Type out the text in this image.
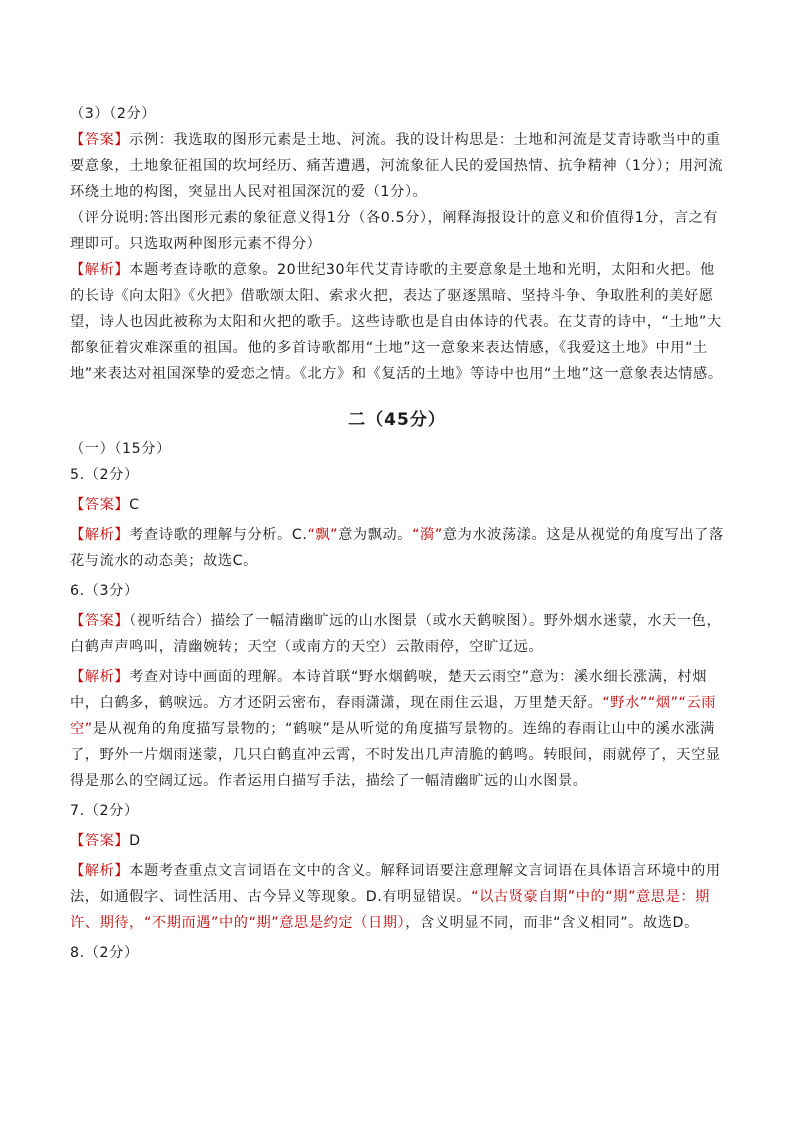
（3）（2分）

【答案】示例：我选取的图形元素是土地、河流。我的设计构思是：土地和河流是艾青诗歌当中的重要意象，土地象征祖国的坎坷经历、痛苦遭遇，河流象征人民的爱国热情、抗争精神（1分）；用河流环绕土地的构图，突显出人民对祖国深沉的爱（1分）。

（评分说明:答出图形元素的象征意义得1分（各0.5分），阐释海报设计的意义和价值得1分，言之有理即可。只选取两种图形元素不得分）

【解析】本题考查诗歌的意象。20世纪30年代艾青诗歌的主要意象是土地和光明，太阳和火把。他的长诗《向太阳》《火把》借歌颂太阳、索求火把，表达了驱逐黑暗、坚持斗争、争取胜利的美好愿望，诗人也因此被称为太阳和火把的歌手。这些诗歌也是自由体诗的代表。在艾青的诗中，“土地”大都象征着灾难深重的祖国。他的多首诗歌都用“土地”这一意象来表达情感，《我爱这土地》中用“土地”来表达对祖国深挚的爱恋之情。《北方》和《复活的土地》等诗中也用“土地”这一意象表达情感。

二（45分）

（一）（15分）

5.（2分）

【答案】C

【解析】考查诗歌的理解与分析。C.“飘”意为飘动。“漪”意为水波荡漾。这是从视觉的角度写出了落花与流水的动态美；故选C。

6.（3分）

【答案】（视听结合）描绘了一幅清幽旷远的山水图景（或水天鹤唳图）。野外烟水迷蒙，水天一色，白鹤声声鸣叫，清幽婉转；天空（或南方的天空）云散雨停，空旷辽远。

【解析】考查对诗中画面的理解。本诗首联“野水烟鹤唳，楚天云雨空”意为：溪水细长涨满，村烟中，白鹤多，鹤唳远。方才还阴云密布，春雨潇潇，现在雨住云退，万里楚天舒。“野水”“烟”“云雨空”是从视角的角度描写景物的；“鹤唳”是从听觉的角度描写景物的。连绵的春雨让山中的溪水涨满了，野外一片烟雨迷蒙，几只白鹤直冲云霄，不时发出几声清脆的鹤鸣。转眼间，雨就停了，天空显得是那么的空阔辽远。作者运用白描写手法，描绘了一幅清幽旷远的山水图景。

7.（2分）

【答案】D

【解析】本题考查重点文言词语在文中的含义。解释词语要注意理解文言词语在具体语言环境中的用法，如通假字、词性活用、古今异义等现象。D.有明显错误。“以古贤豪自期”中的“期”意思是：期许、期待，“不期而遇”中的“期”意思是约定（日期），含义明显不同，而非“含义相同”。故选D。

8.（2分）
